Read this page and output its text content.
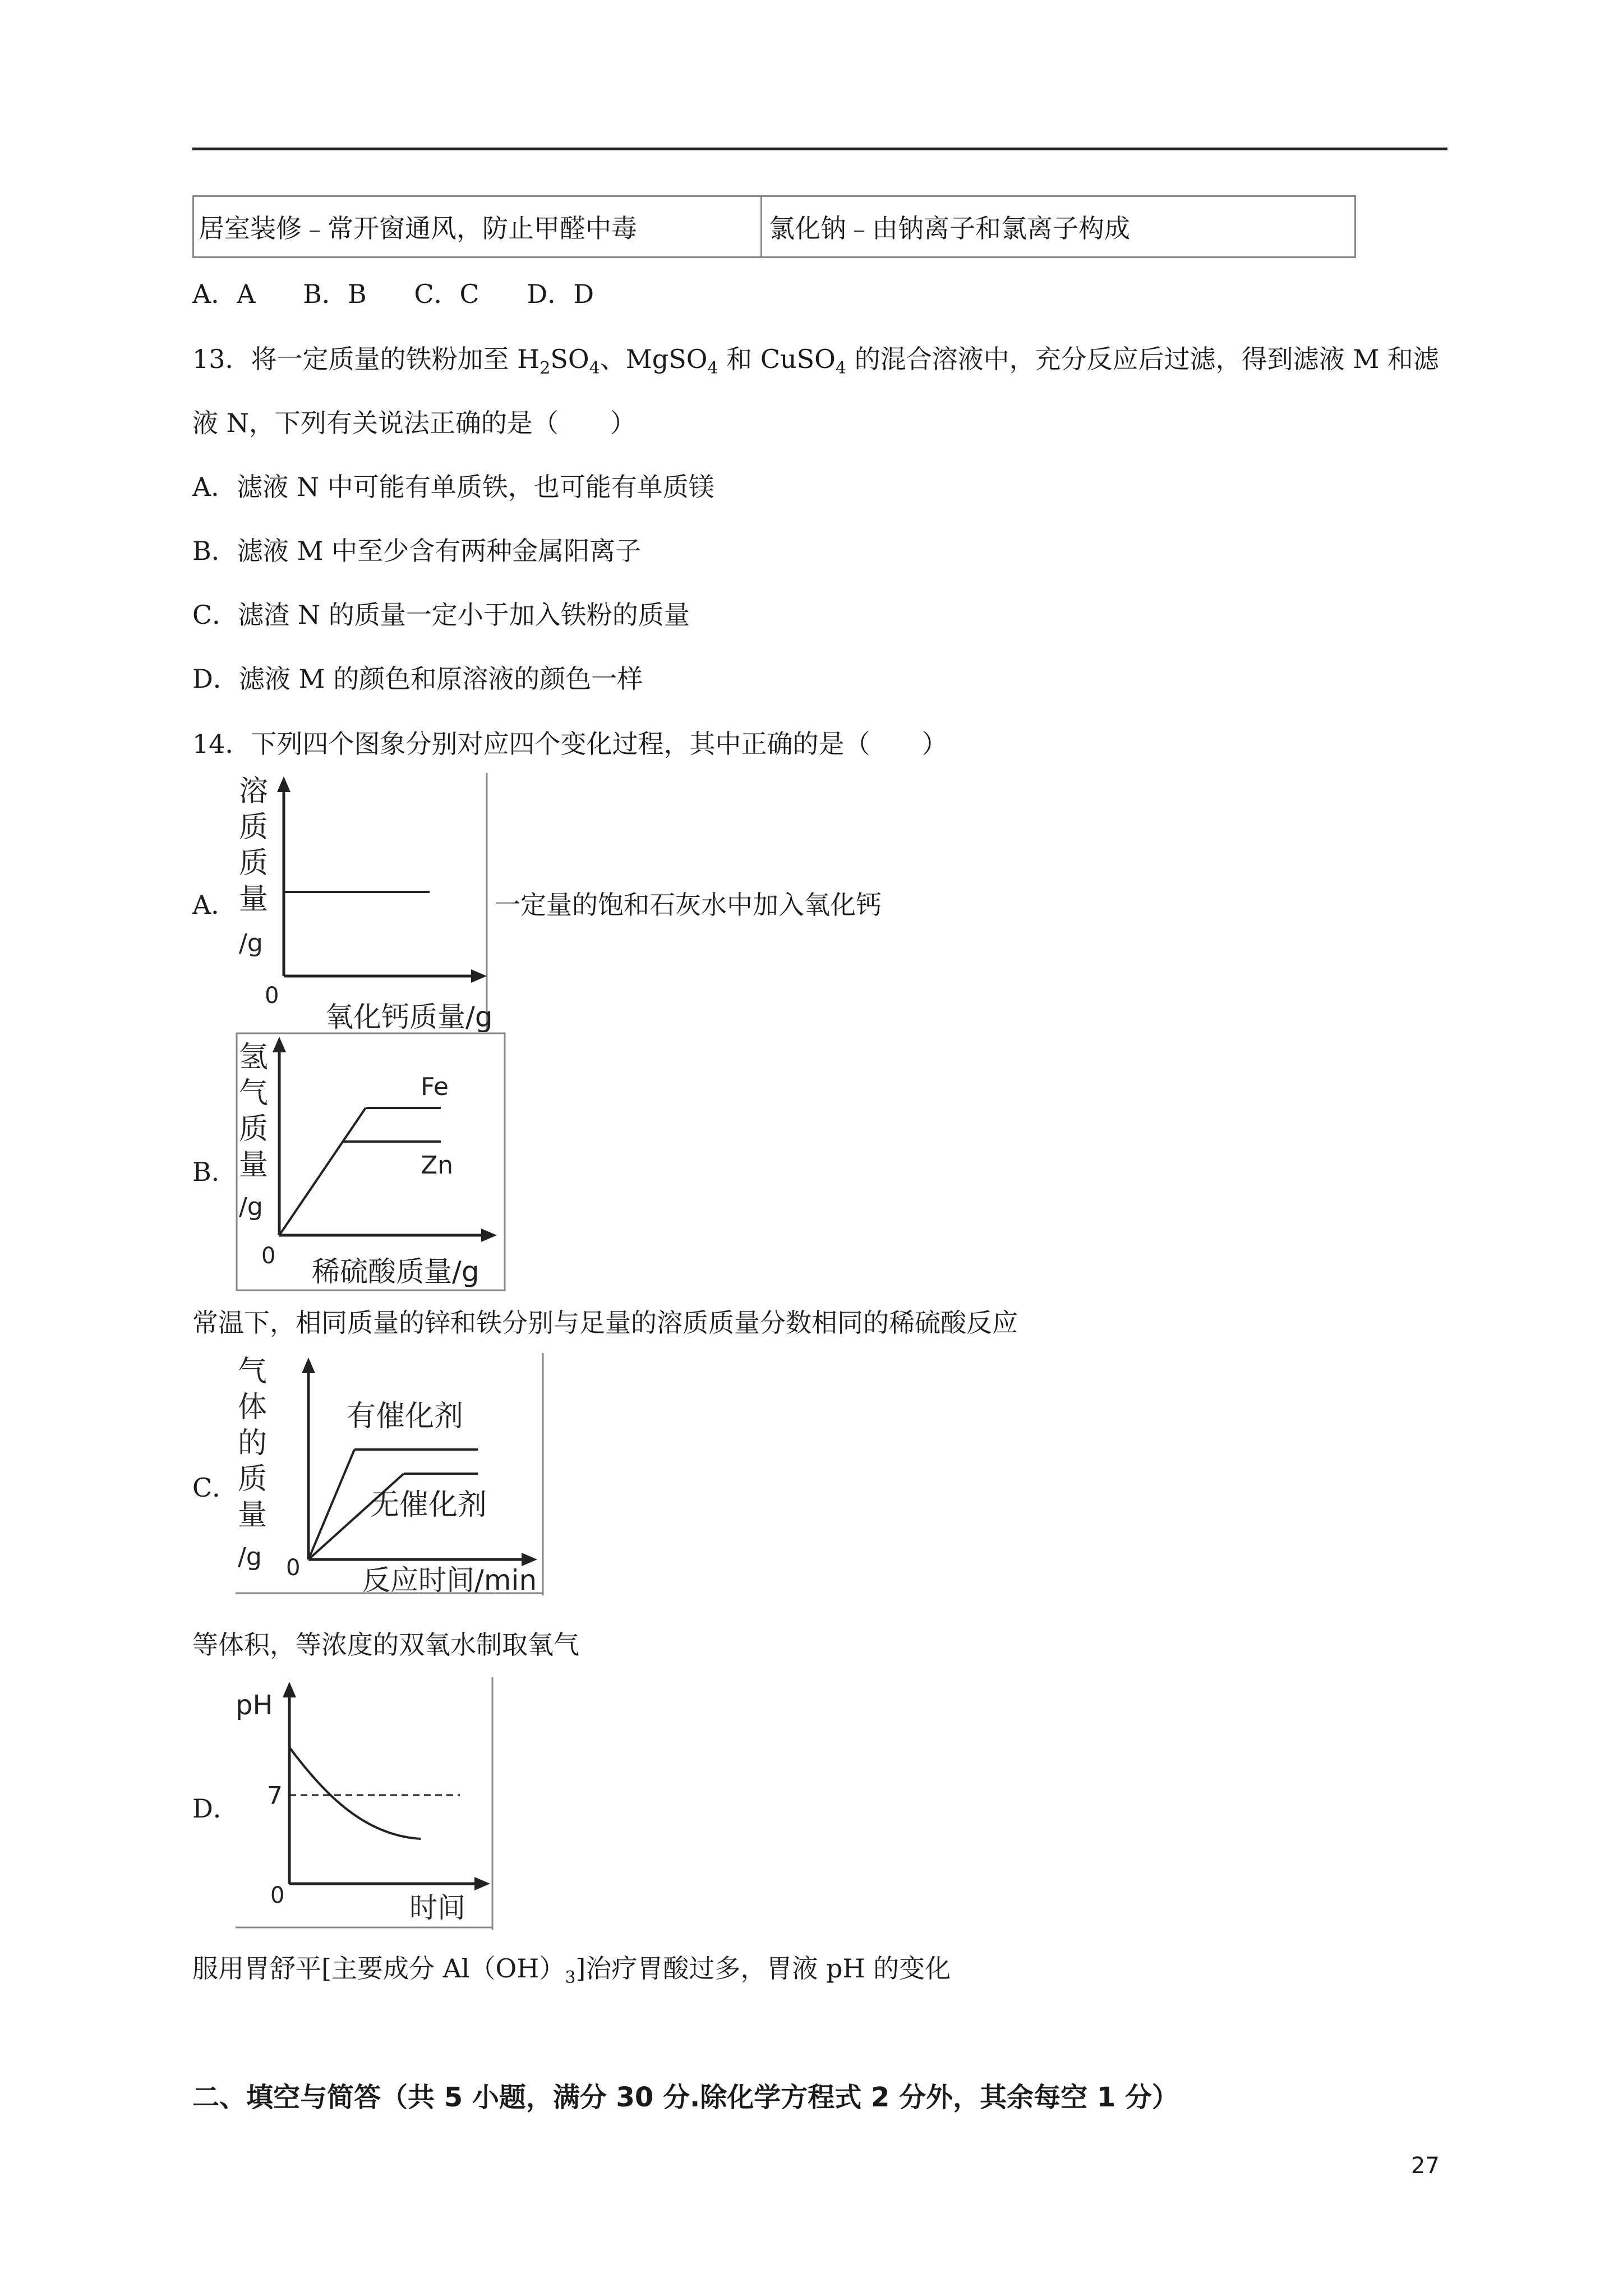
居室装修﹣常开窗通风，防止甲醛中毒	氯化钠﹣由钠离子和氯离子构成
A．A B．B C．C D．D
13．将一定质量的铁粉加至 $H_2SO_4$、MgSO$_4$ 和 CuSO$_4$ 的混合溶液中，充分反应后过滤，得到滤液 M 和滤
液 N，下列有关说法正确的是（　　）
A．滤液 N 中可能有单质铁，也可能有单质镁
B．滤液 M 中至少含有两种金属阳离子
C．滤渣 N 的质量一定小于加入铁粉的质量
D．滤液 M 的颜色和原溶液的颜色一样
14．下列四个图象分别对应四个变化过程，其中正确的是（　　）
A．
溶
质
质
量
/g
0
氧化钙质量/g
一定量的饱和石灰水中加入氧化钙
B．
Fe
Zn
氢
气
质
量
/g
0 稀硫酸质量/g
常温下，相同质量的锌和铁分别与足量的溶质质量分数相同的稀硫酸反应
C．
有催化剂
无催化剂
气
体
的
质
量
/g 0 反应时间/min
等体积，等浓度的双氧水制取氧气
D．
pH
7
0	时间
服用胃舒平[主要成分 $Al(OH)_3$]治疗胃酸过多，胃液 pH 的变化
二、填空与简答（共 5 小题，满分 30 分.除化学方程式 2 分外，其余每空 1 分）
27
